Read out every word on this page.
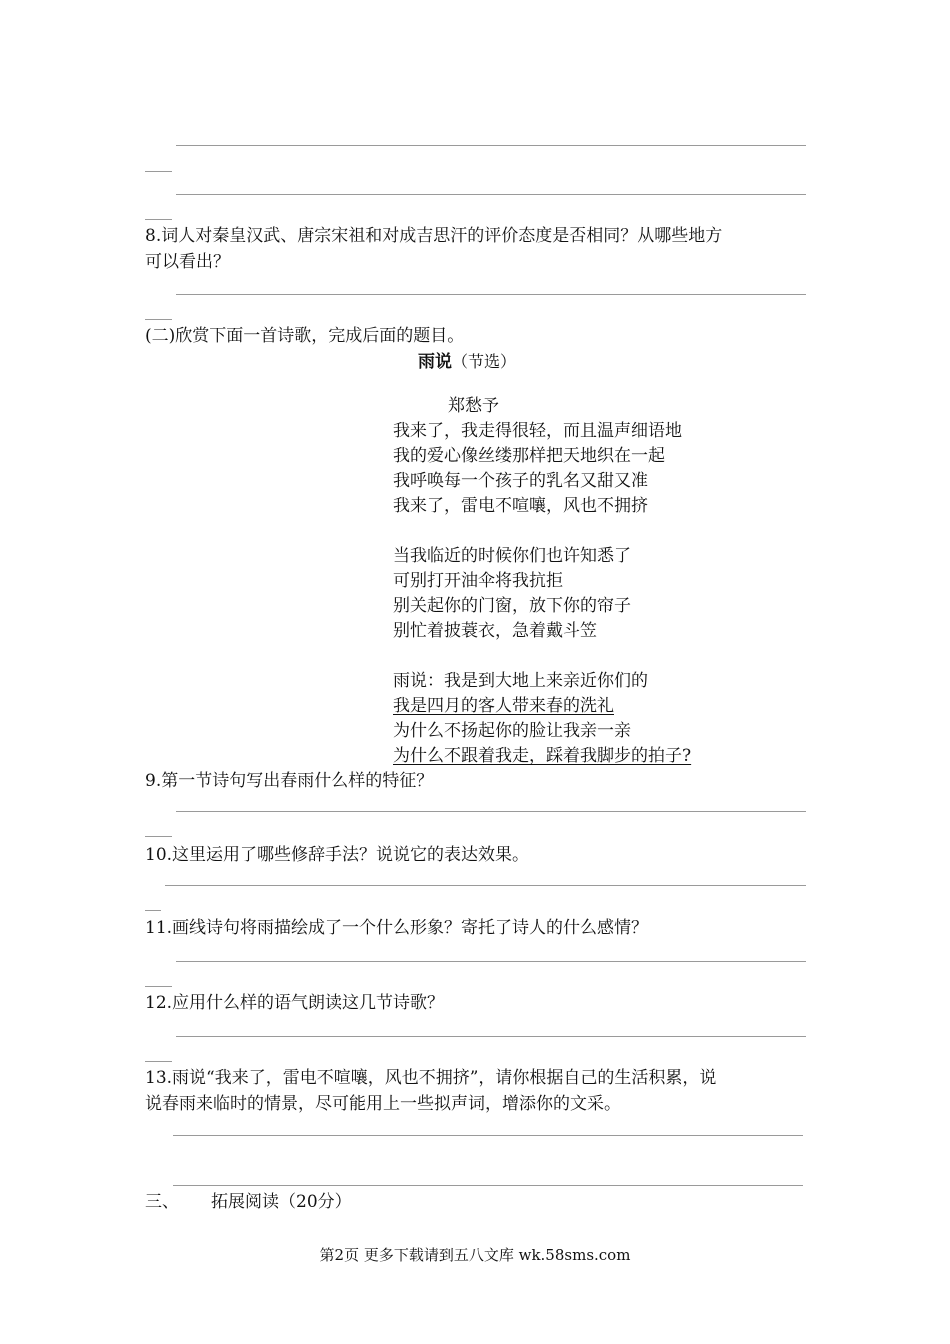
8.词人对秦皇汉武、唐宗宋祖和对成吉思汗的评价态度是否相同？从哪些地方
可以看出？
(二)欣赏下面一首诗歌，完成后面的题目。
雨说（节选）
郑愁予
我来了，我走得很轻，而且温声细语地
我的爱心像丝缕那样把天地织在一起
我呼唤每一个孩子的乳名又甜又准
我来了，雷电不喧嚷，风也不拥挤
当我临近的时候你们也许知悉了
可别打开油伞将我抗拒
别关起你的门窗，放下你的帘子
别忙着披蓑衣，急着戴斗笠
雨说：我是到大地上来亲近你们的
我是四月的客人带来春的洗礼
为什么不扬起你的脸让我亲一亲
为什么不跟着我走，踩着我脚步的拍子?
9.第一节诗句写出春雨什么样的特征？
10.这里运用了哪些修辞手法？说说它的表达效果。
11.画线诗句将雨描绘成了一个什么形象？寄托了诗人的什么感情？
12.应用什么样的语气朗读这几节诗歌？
13.雨说“我来了，雷电不喧嚷，风也不拥挤”，请你根据自己的生活积累，说
说春雨来临时的情景，尽可能用上一些拟声词，增添你的文采。
三、 拓展阅读（20分）
第2页 更多下载请到五八文库 wk.58sms.com
